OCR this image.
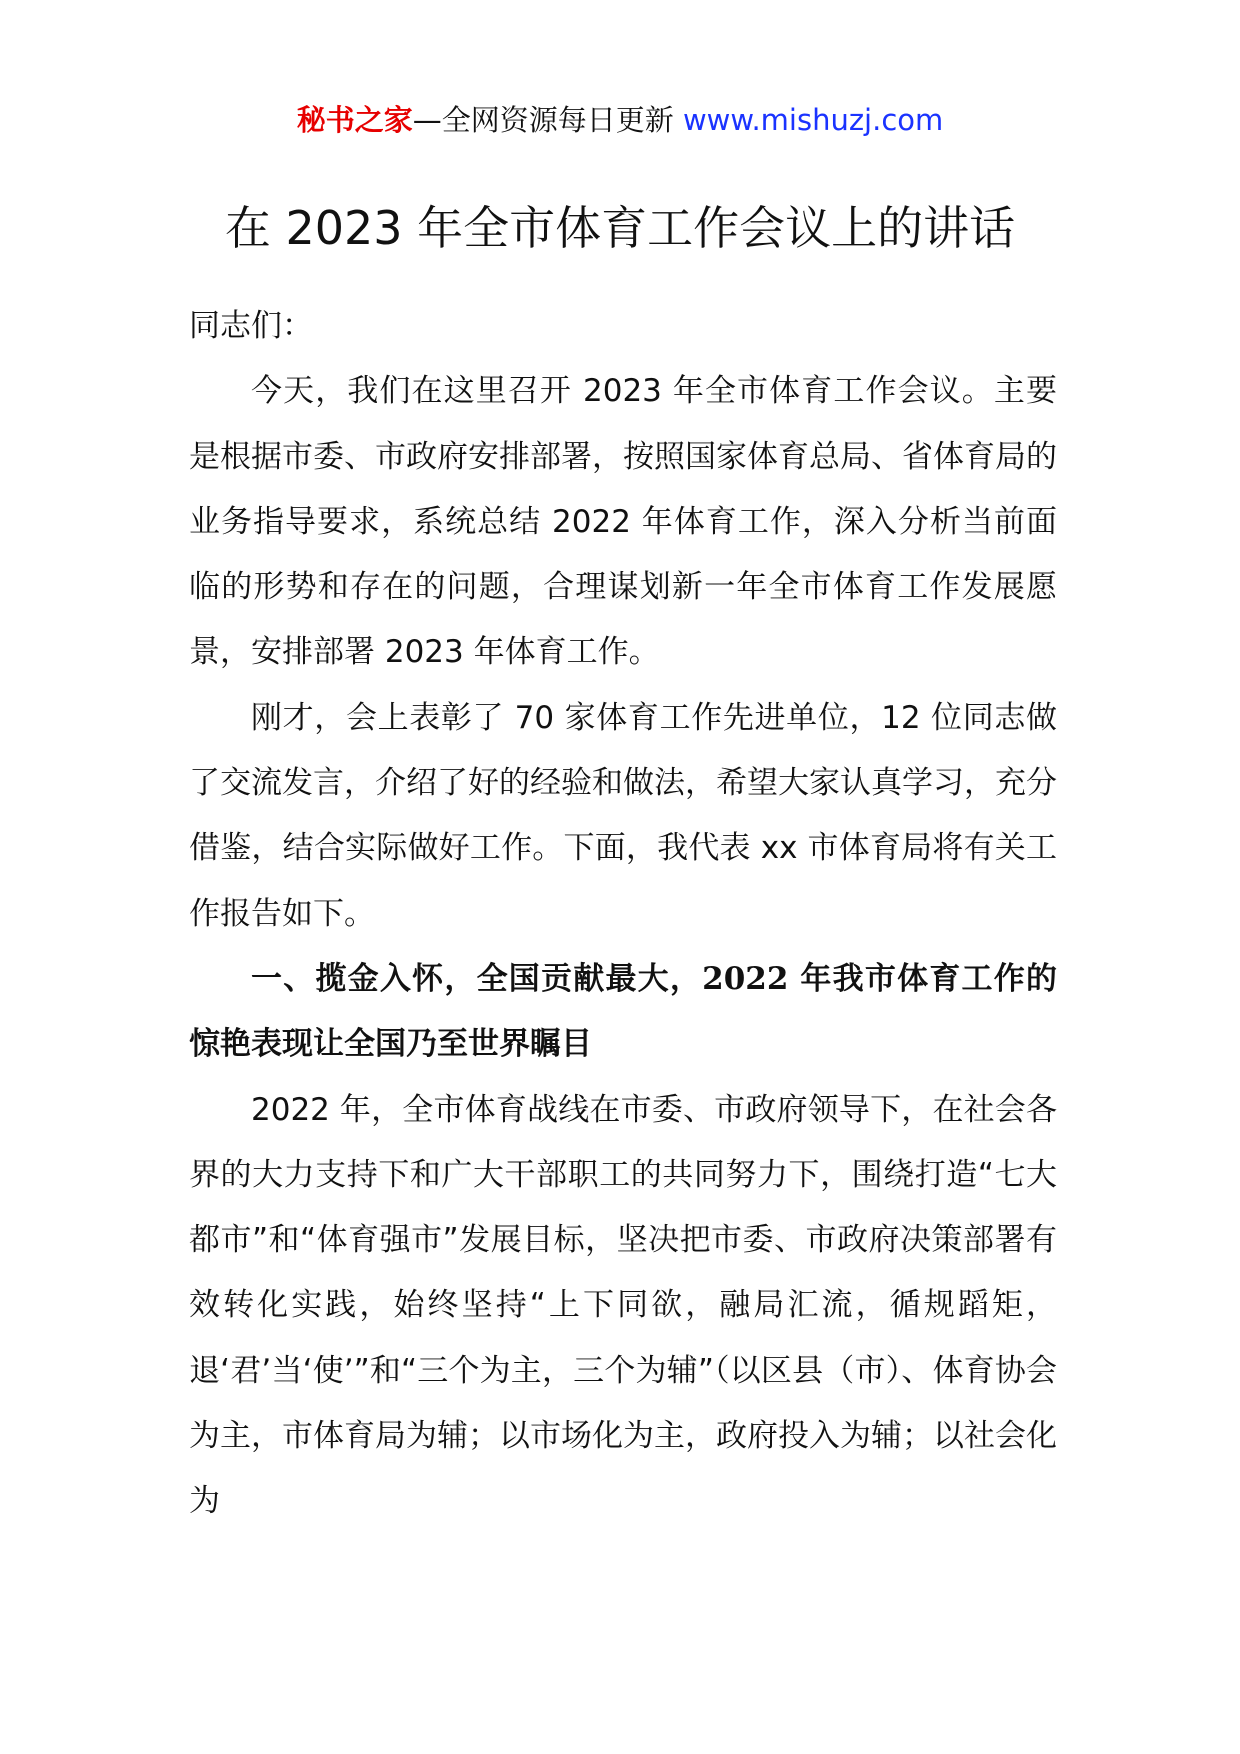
秘书之家—全网资源每日更新 www.mishuzj.com
在 2023 年全市体育工作会议上的讲话

同志们：

今天，我们在这里召开 2023 年全市体育工作会议。主要是根据市委、市政府安排部署，按照国家体育总局、省体育局的业务指导要求，系统总结 2022 年体育工作，深入分析当前面临的形势和存在的问题，合理谋划新一年全市体育工作发展愿景，安排部署 2023 年体育工作。

刚才，会上表彰了 70 家体育工作先进单位，12 位同志做了交流发言，介绍了好的经验和做法，希望大家认真学习，充分借鉴，结合实际做好工作。下面，我代表 xx 市体育局将有关工作报告如下。

一、揽金入怀，全国贡献最大，2022 年我市体育工作的惊艳表现让全国乃至世界瞩目

2022 年，全市体育战线在市委、市政府领导下，在社会各界的大力支持下和广大干部职工的共同努力下，围绕打造“七大都市”和“体育强市”发展目标，坚决把市委、市政府决策部署有效转化实践，始终坚持“上下同欲，融局汇流，循规蹈矩，退‘君’当‘使’”和“三个为主，三个为辅”（以区县（市）、体育协会为主，市体育局为辅；以市场化为主，政府投入为辅；以社会化为
